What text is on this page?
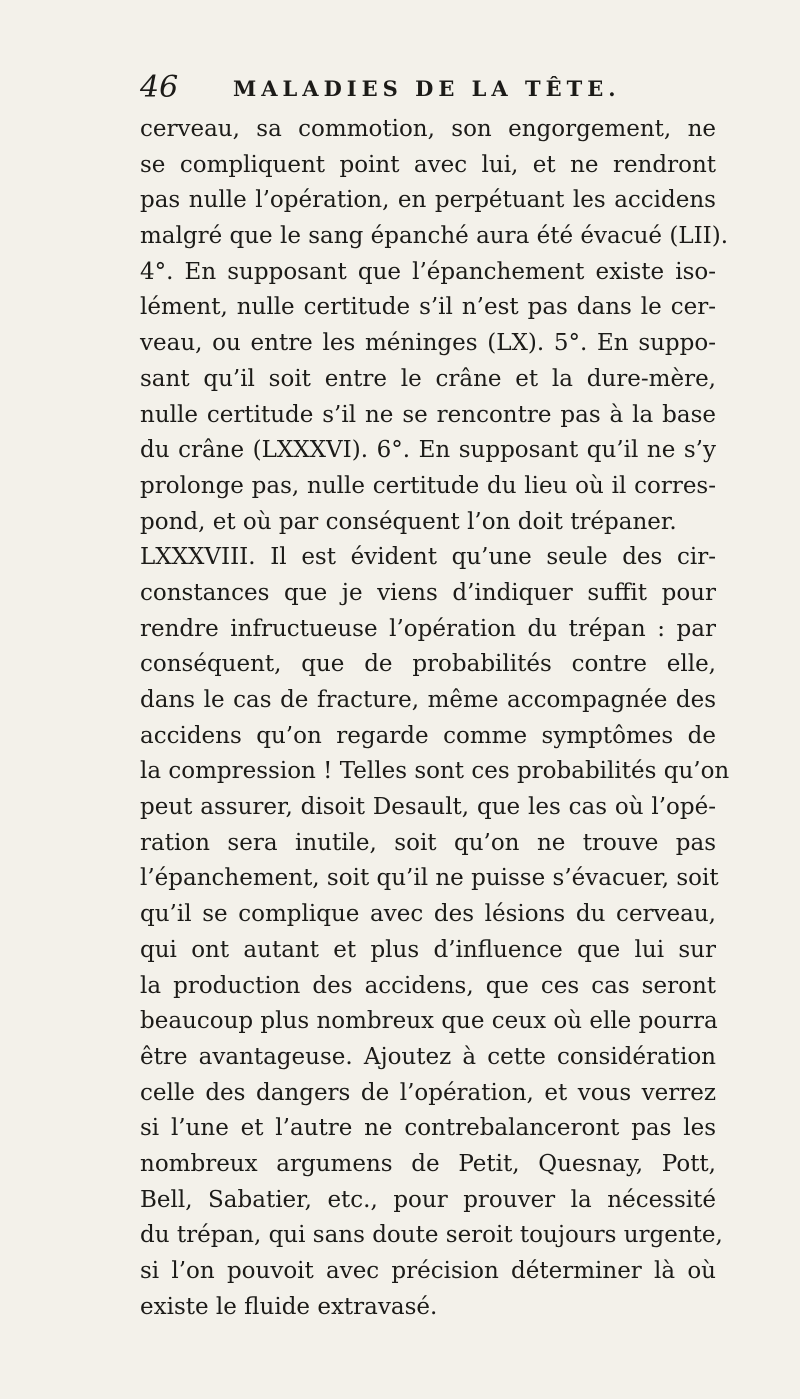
46	MALADIES DE LA TÊTE.
cerveau, sa commotion, son engorgement, ne
se compliquent point avec lui, et ne rendront
pas nulle l’opération, en perpétuant les accidens
malgré que le sang épanché aura été évacué (LII).
4°. En supposant que l’épanchement existe iso-
lément, nulle certitude s’il n’est pas dans le cer-
veau, ou entre les méninges (LX). 5°. En suppo-
sant qu’il soit entre le crâne et la dure-mère,
nulle certitude s’il ne se rencontre pas à la base
du crâne (LXXXVI). 6°. En supposant qu’il ne s’y
prolonge pas, nulle certitude du lieu où il corres-
pond, et où par conséquent l’on doit trépaner.
LXXXVIII. Il est évident qu’une seule des cir-
constances que je viens d’indiquer suffit pour
rendre infructueuse l’opération du trépan : par
conséquent, que de probabilités contre elle,
dans le cas de fracture, même accompagnée des
accidens qu’on regarde comme symptômes de
la compression ! Telles sont ces probabilités qu’on
peut assurer, disoit Desault, que les cas où l’opé-
ration sera inutile, soit qu’on ne trouve pas
l’épanchement, soit qu’il ne puisse s’évacuer, soit
qu’il se complique avec des lésions du cerveau,
qui ont autant et plus d’influence que lui sur
la production des accidens, que ces cas seront
beaucoup plus nombreux que ceux où elle pourra
être avantageuse. Ajoutez à cette considération
celle des dangers de l’opération, et vous verrez
si l’une et l’autre ne contrebalanceront pas les
nombreux argumens de Petit, Quesnay, Pott,
Bell, Sabatier, etc., pour prouver la nécessité
du trépan, qui sans doute seroit toujours urgente,
si l’on pouvoit avec précision déterminer là où
existe le fluide extravasé.
